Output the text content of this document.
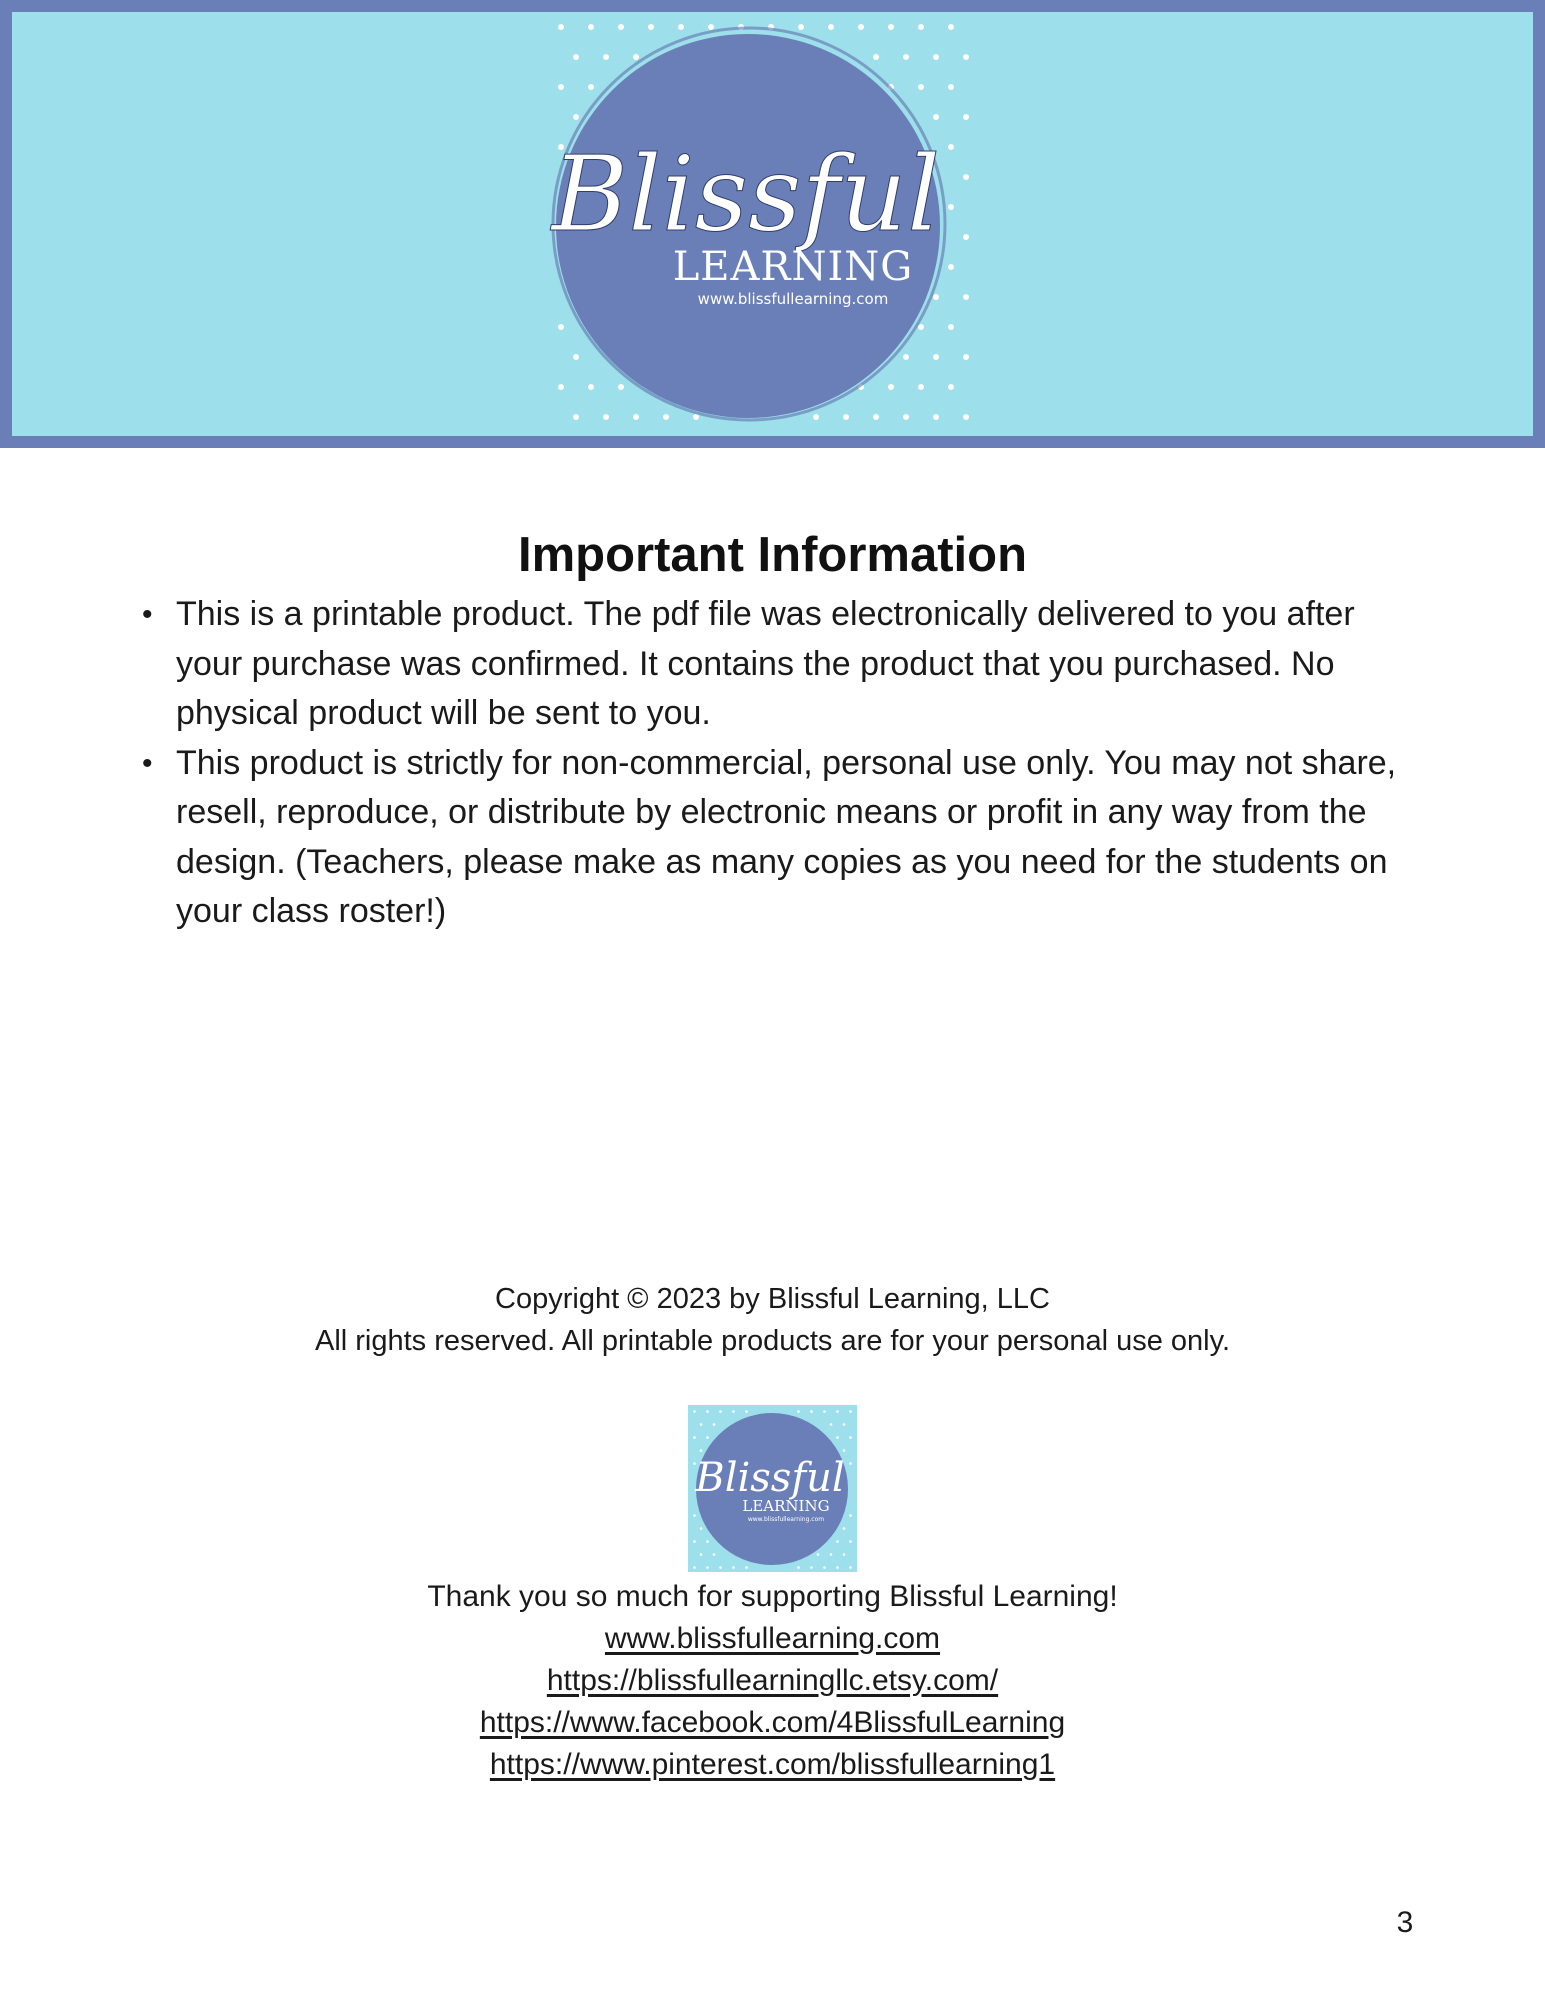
Blissful
LEARNING
www.blissfullearning.com
Important Information
• This is a printable product. The pdf file was electronically delivered to you after your purchase was confirmed. It contains the product that you purchased. No physical product will be sent to you.
• This product is strictly for non-commercial, personal use only. You may not share, resell, reproduce, or distribute by electronic means or profit in any way from the design. (Teachers, please make as many copies as you need for the students on your class roster!)

Copyright © 2023 by Blissful Learning, LLC

All rights reserved. All printable products are for your personal use only.

Blissful
LEARNING
www.blissfullearning.com

Thank you so much for supporting Blissful Learning!

www.blissfullearning.com

https://blissfullearningllc.etsy.com/

https://www.facebook.com/4BlissfulLearning

https://www.pinterest.com/blissfullearning1

3
